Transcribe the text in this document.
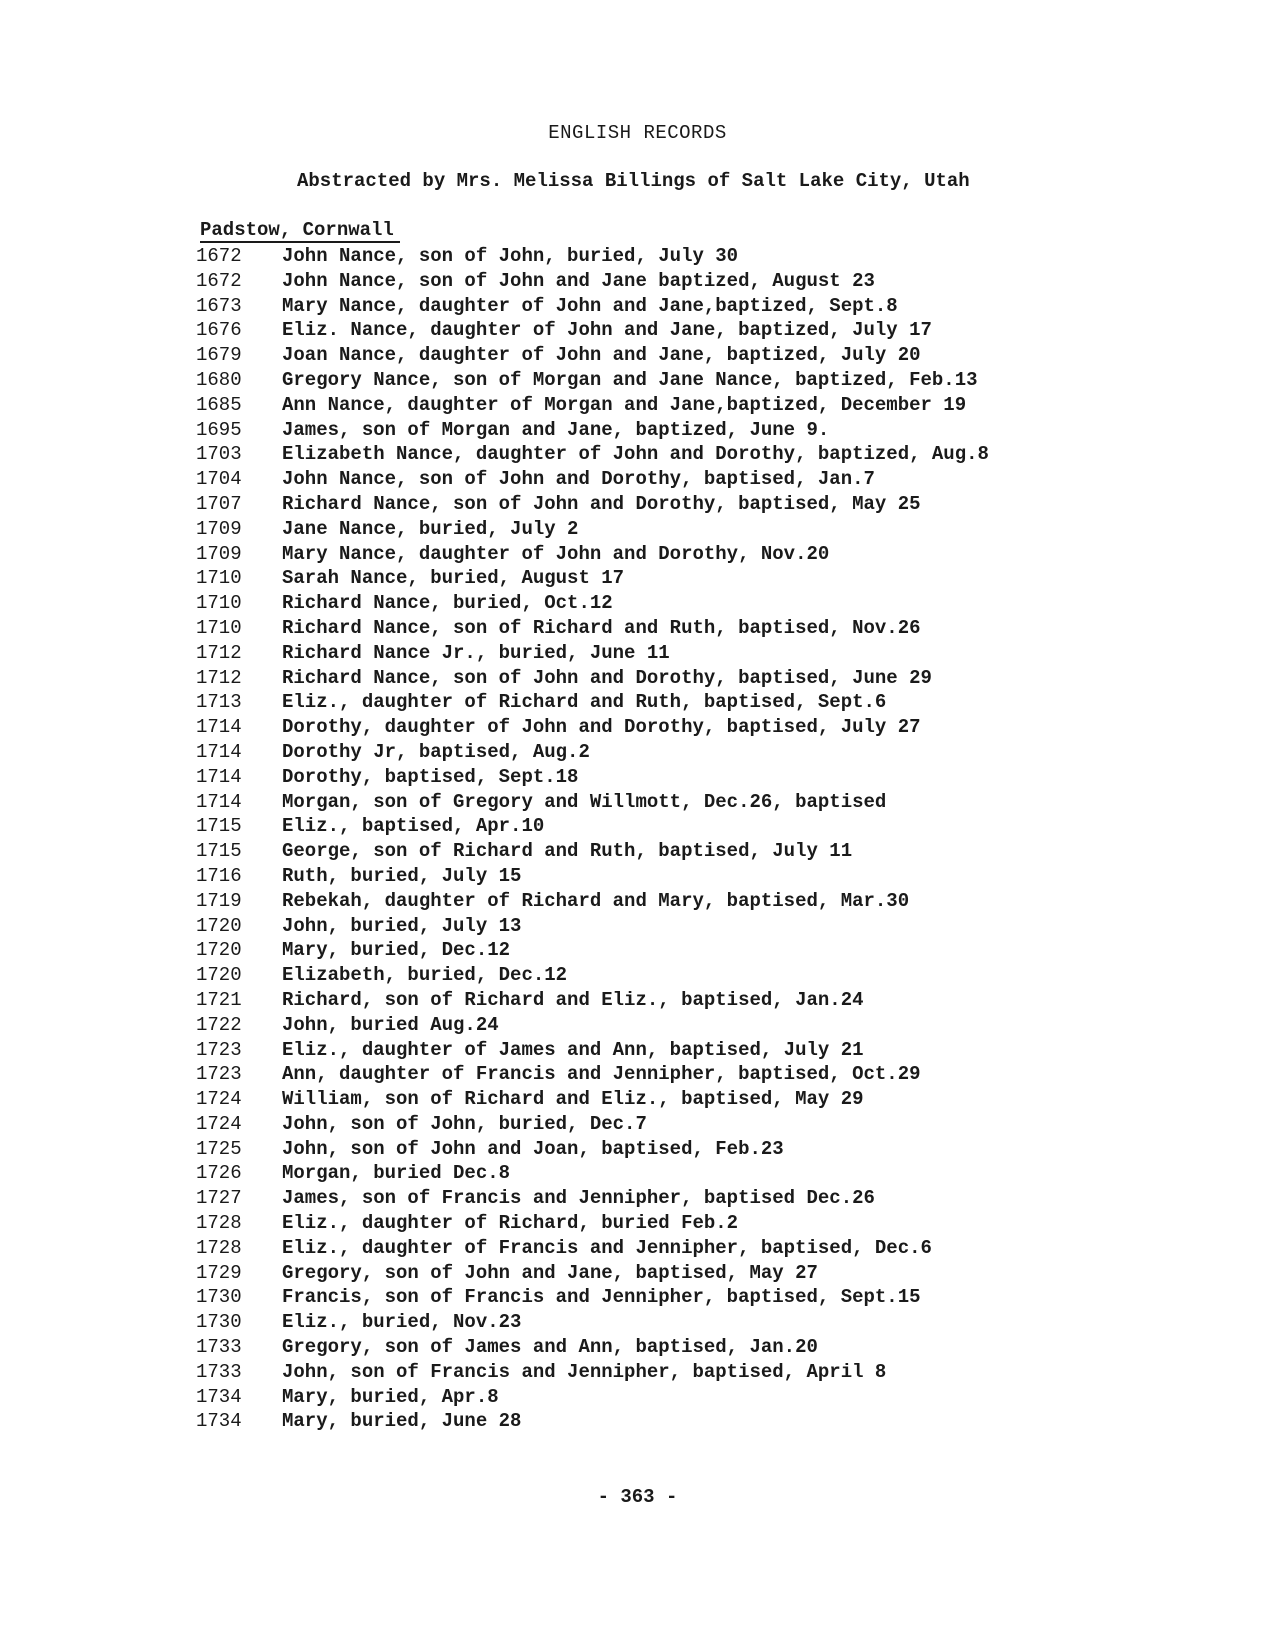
ENGLISH RECORDS
Abstracted by Mrs. Melissa Billings of Salt Lake City, Utah
Padstow, Cornwall
1672	John Nance, son of John, buried, July 30
1672	John Nance, son of John and Jane baptized, August 23
1673	Mary Nance, daughter of John and Jane,baptized, Sept.8
1676	Eliz. Nance, daughter of John and Jane, baptized, July 17
1679	Joan Nance, daughter of John and Jane, baptized, July 20
1680	Gregory Nance, son of Morgan and Jane Nance, baptized, Feb.13
1685	Ann Nance, daughter of Morgan and Jane,baptized, December 19
1695	James, son of Morgan and Jane, baptized, June 9.
1703	Elizabeth Nance, daughter of John and Dorothy, baptized, Aug.8
1704	John Nance, son of John and Dorothy, baptised, Jan.7
1707	Richard Nance, son of John and Dorothy, baptised, May 25
1709	Jane Nance, buried, July 2
1709	Mary Nance, daughter of John and Dorothy, Nov.20
1710	Sarah Nance, buried, August 17
1710	Richard Nance, buried, Oct.12
1710	Richard Nance, son of Richard and Ruth, baptised, Nov.26
1712	Richard Nance Jr., buried, June 11
1712	Richard Nance, son of John and Dorothy, baptised, June 29
1713	Eliz., daughter of Richard and Ruth, baptised, Sept.6
1714	Dorothy, daughter of John and Dorothy, baptised, July 27
1714	Dorothy Jr, baptised, Aug.2
1714	Dorothy, baptised, Sept.18
1714	Morgan, son of Gregory and Willmott, Dec.26, baptised
1715	Eliz., baptised, Apr.10
1715	George, son of Richard and Ruth, baptised, July 11
1716	Ruth, buried, July 15
1719	Rebekah, daughter of Richard and Mary, baptised, Mar.30
1720	John, buried, July 13
1720	Mary, buried, Dec.12
1720	Elizabeth, buried, Dec.12
1721	Richard, son of Richard and Eliz., baptised, Jan.24
1722	John, buried Aug.24
1723	Eliz., daughter of James and Ann, baptised, July 21
1723	Ann, daughter of Francis and Jennipher, baptised, Oct.29
1724	William, son of Richard and Eliz., baptised, May 29
1724	John, son of John, buried, Dec.7
1725	John, son of John and Joan, baptised, Feb.23
1726	Morgan, buried Dec.8
1727	James, son of Francis and Jennipher, baptised Dec.26
1728	Eliz., daughter of Richard, buried Feb.2
1728	Eliz., daughter of Francis and Jennipher, baptised, Dec.6
1729	Gregory, son of John and Jane, baptised, May 27
1730	Francis, son of Francis and Jennipher, baptised, Sept.15
1730	Eliz., buried, Nov.23
1733	Gregory, son of James and Ann, baptised, Jan.20
1733	John, son of Francis and Jennipher, baptised, April 8
1734	Mary, buried, Apr.8
1734	Mary, buried, June 28
- 363 -
